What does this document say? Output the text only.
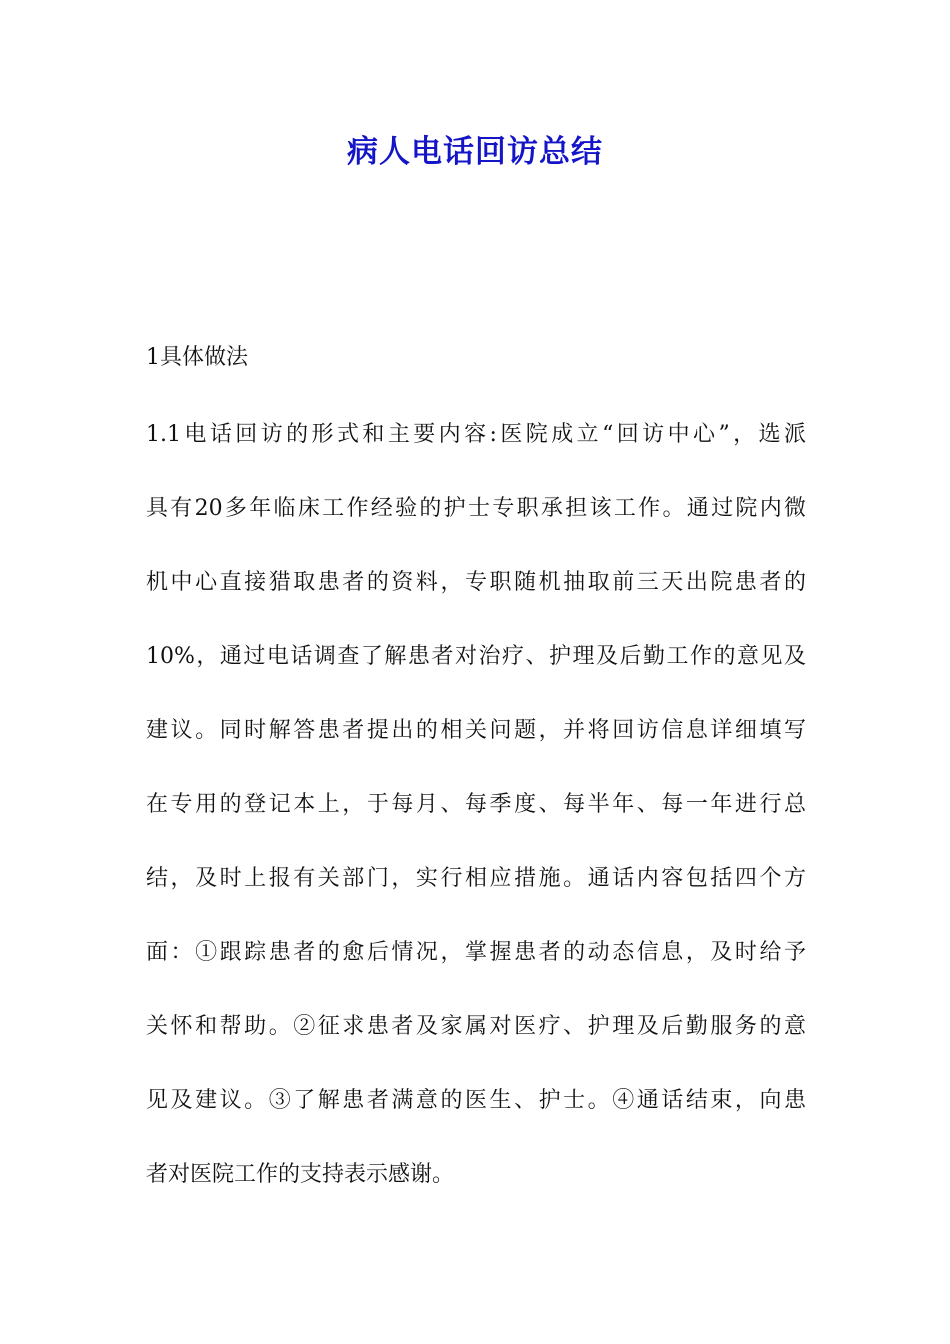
病人电话回访总结

1具体做法

1.1电话回访的形式和主要内容:医院成立“回访中心”，选派

具有20多年临床工作经验的护士专职承担该工作。通过院内微

机中心直接猎取患者的资料，专职随机抽取前三天出院患者的

10%，通过电话调查了解患者对治疗、护理及后勤工作的意见及

建议。同时解答患者提出的相关问题，并将回访信息详细填写

在专用的登记本上，于每月、每季度、每半年、每一年进行总

结，及时上报有关部门，实行相应措施。通话内容包括四个方

面：①跟踪患者的愈后情况，掌握患者的动态信息，及时给予

关怀和帮助。②征求患者及家属对医疗、护理及后勤服务的意

见及建议。③了解患者满意的医生、护士。④通话结束，向患

者对医院工作的支持表示感谢。
